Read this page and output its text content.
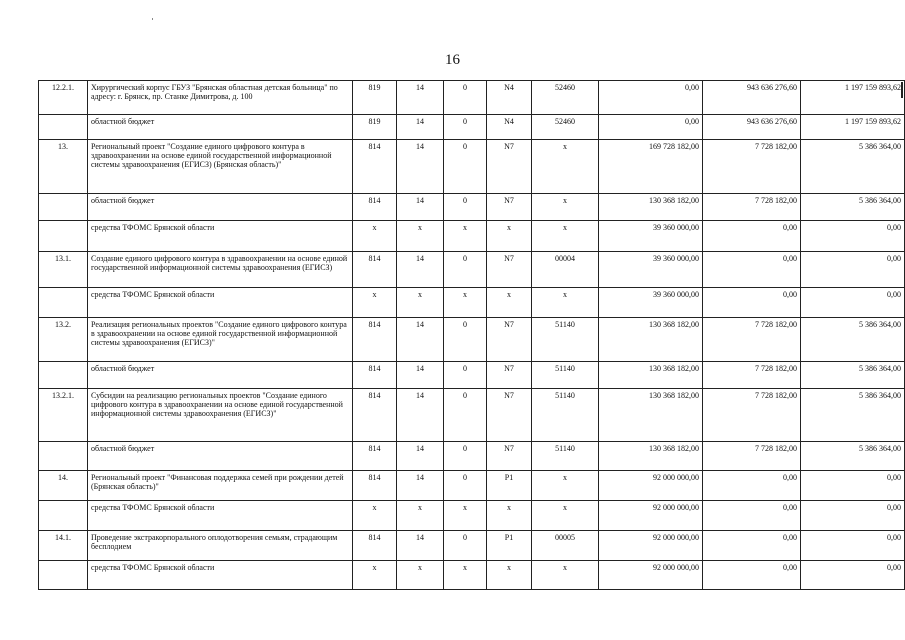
16
12.2.1.	Хирургический корпус ГБУЗ "Брянская областная детская больница" по адресу: г. Брянск, пр. Станке Димитрова, д. 100	819	14	0	N4	52460	0,00	943 636 276,60	1 197 159 893,62
	областной бюджет	819	14	0	N4	52460	0,00	943 636 276,60	1 197 159 893,62
13.	Региональный проект "Создание единого цифрового контура в здравоохранении на основе единой государственной информационной системы здравоохранения (ЕГИСЗ) (Брянская область)"	814	14	0	N7	х	169 728 182,00	7 728 182,00	5 386 364,00
	областной бюджет	814	14	0	N7	х	130 368 182,00	7 728 182,00	5 386 364,00
	средства ТФОМС Брянской области	х	х	х	х	х	39 360 000,00	0,00	0,00
13.1.	Создание единого цифрового контура в здравоохранении на основе единой государственной информационной системы здравоохранения (ЕГИСЗ)	814	14	0	N7	00004	39 360 000,00	0,00	0,00
	средства ТФОМС Брянской области	х	х	х	х	х	39 360 000,00	0,00	0,00
13.2.	Реализация региональных проектов "Создание единого цифрового контура в здравоохранении на основе единой государственной информационной системы здравоохранения (ЕГИСЗ)"	814	14	0	N7	51140	130 368 182,00	7 728 182,00	5 386 364,00
	областной бюджет	814	14	0	N7	51140	130 368 182,00	7 728 182,00	5 386 364,00
13.2.1.	Субсидии на реализацию региональных проектов "Создание единого цифрового контура в здравоохранении на основе единой государственной информационной системы здравоохранения (ЕГИСЗ)"	814	14	0	N7	51140	130 368 182,00	7 728 182,00	5 386 364,00
	областной бюджет	814	14	0	N7	51140	130 368 182,00	7 728 182,00	5 386 364,00
14.	Региональный проект "Финансовая поддержка семей при рождении детей (Брянская область)"	814	14	0	P1	х	92 000 000,00	0,00	0,00
	средства ТФОМС Брянской области	х	х	х	х	х	92 000 000,00	0,00	0,00
14.1.	Проведение экстракорпорального оплодотворения семьям, страдающим бесплодием	814	14	0	P1	00005	92 000 000,00	0,00	0,00
	средства ТФОМС Брянской области	х	х	х	х	х	92 000 000,00	0,00	0,00
